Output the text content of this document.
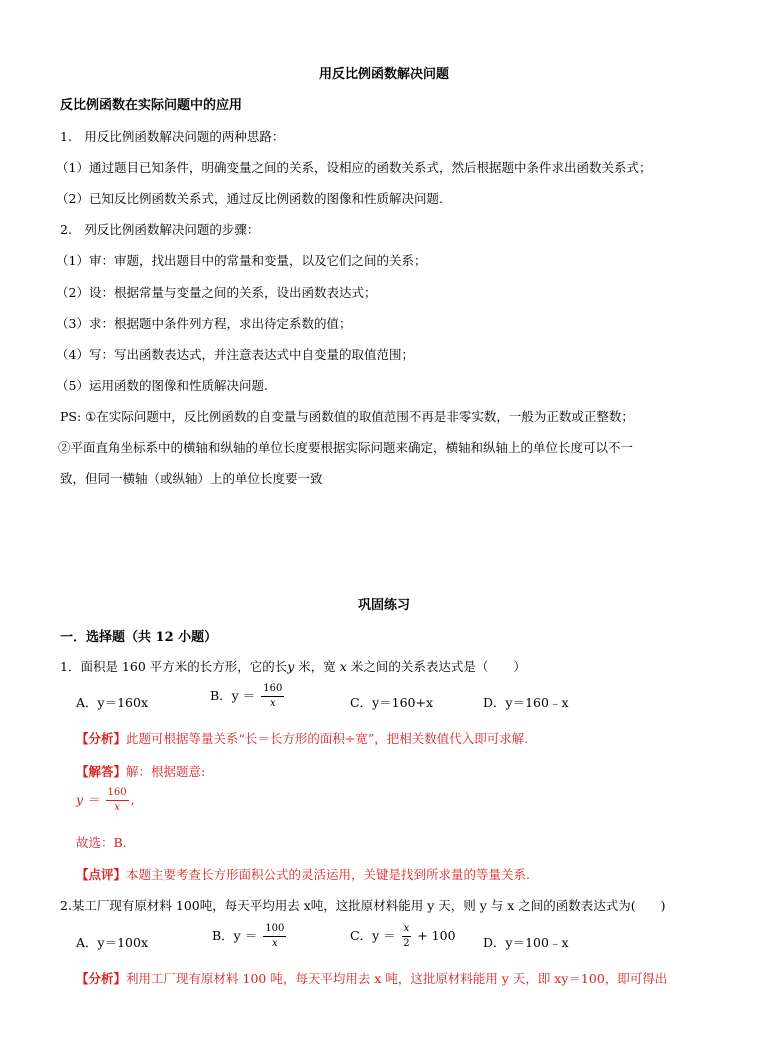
用反比例函数解决问题
反比例函数在实际问题中的应用
1.　用反比例函数解决问题的两种思路：
（1）通过题目已知条件，明确变量之间的关系，设相应的函数关系式，然后根据题中条件求出函数关系式；
（2）已知反比例函数关系式，通过反比例函数的图像和性质解决问题.
2.　列反比例函数解决问题的步骤：
（1）审：审题，找出题目中的常量和变量，以及它们之间的关系；
（2）设：根据常量与变量之间的关系，设出函数表达式；
（3）求：根据题中条件列方程，求出待定系数的值；
（4）写：写出函数表达式，并注意表达式中自变量的取值范围；
（5）运用函数的图像和性质解决问题.
PS: ①在实际问题中，反比例函数的自变量与函数值的取值范围不再是非零实数，一般为正数或正整数；
②平面直角坐标系中的横轴和纵轴的单位长度要根据实际问题来确定，横轴和纵轴上的单位长度可以不一
致，但同一横轴（或纵轴）上的单位长度要一致
巩固练习
一．选择题（共 12 小题）
1．面积是 160 平方米的长方形，它的长y 米，宽 x 米之间的关系表达式是（　　）
A．y＝160x	B．$y = \frac{160}{x}$	C．y＝160+x	D．y＝160﹣x
【分析】此题可根据等量关系“长＝长方形的面积÷宽”，把相关数值代入即可求解.
【解答】解：根据题意:
$y = \frac{160}{x}$ ,
故选：B.
【点评】本题主要考查长方形面积公式的灵活运用，关键是找到所求量的等量关系.
2.某工厂现有原材料 100吨，每天平均用去 x吨，这批原材料能用 y 天，则 y 与 x 之间的函数表达式为(　　)
A．y＝100x	B．$y = \frac{100}{x}$	C．$y = \frac{x}{2} + 100$ D．y＝100﹣x
【分析】利用工厂现有原材料 100 吨，每天平均用去 x 吨，这批原材料能用 y 天，即 xy＝100，即可得出
